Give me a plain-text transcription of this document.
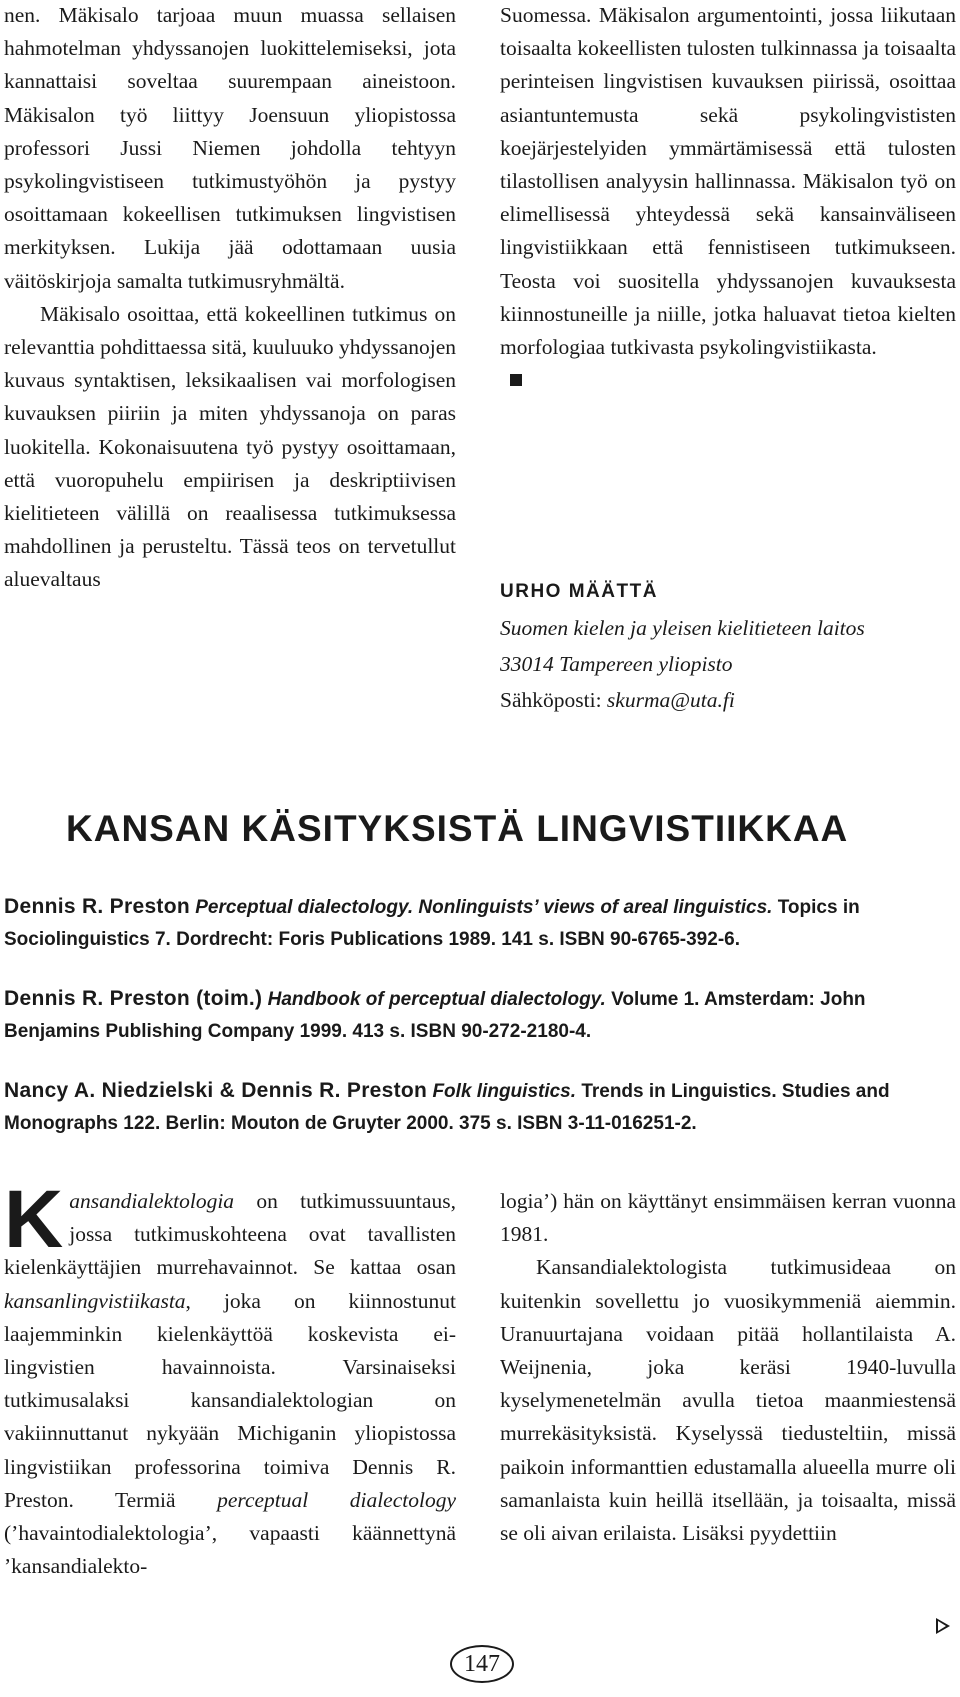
nen. Mäkisalo tarjoaa muun muassa sellaisen hahmotelman yhdyssanojen luokittelemiseksi, jota kannattaisi soveltaa suurempaan aineistoon. Mäkisalon työ liittyy Joensuun yliopistossa professori Jussi Niemen johdolla tehtyyn psykolingvistiseen tutkimustyöhön ja pystyy osoittamaan kokeellisen tutkimuksen lingvistisen merkityksen. Lukija jää odottamaan uusia väitöskirjoja samalta tutkimusryhmältä.

Mäkisalo osoittaa, että kokeellinen tutkimus on relevanttia pohdittaessa sitä, kuuluuko yhdyssanojen kuvaus syntaktisen, leksikaalisen vai morfologisen kuvauksen piiriin ja miten yhdyssanoja on paras luokitella. Kokonaisuutena työ pystyy osoittamaan, että vuoropuhelu empiirisen ja deskriptiivisen kielitieteen välillä on reaalisessa tutkimuksessa mahdollinen ja perusteltu. Tässä teos on tervetullut aluevaltaus

Suomessa. Mäkisalon argumentointi, jossa liikutaan toisaalta kokeellisten tulosten tulkinnassa ja toisaalta perinteisen lingvistisen kuvauksen piirissä, osoittaa asiantuntemusta sekä psykolingvististen koejärjestelyiden ymmärtämisessä että tulosten tilastollisen analyysin hallinnassa. Mäkisalon työ on elimellisessä yhteydessä sekä kansainväliseen lingvistiikkaan että fennistiseen tutkimukseen. Teosta voi suositella yhdyssanojen kuvauksesta kiinnostuneille ja niille, jotka haluavat tietoa kielten morfologiaa tutkivasta psykolingvistiikasta.

URHO MÄÄTTÄ
Suomen kielen ja yleisen kielitieteen laitos
33014 Tampereen yliopisto
Sähköposti: skurma@uta.fi
KANSAN KÄSITYKSISTÄ LINGVISTIIKKAA
Dennis R. Preston Perceptual dialectology. Nonlinguists’ views of areal linguistics. Topics in Sociolinguistics 7. Dordrecht: Foris Publications 1989. 141 s. ISBN 90-6765-392-6.
Dennis R. Preston (toim.) Handbook of perceptual dialectology. Volume 1. Amsterdam: John Benjamins Publishing Company 1999. 413 s. ISBN 90-272-2180-4.
Nancy A. Niedzielski & Dennis R. Preston Folk linguistics. Trends in Linguistics. Studies and Monographs 122. Berlin: Mouton de Gruyter 2000. 375 s. ISBN 3-11-016251-2.

Kansandialektologia on tutkimussuuntaus, jossa tutkimuskohteena ovat tavallisten kielenkäyttäjien murrehavainnot. Se kattaa osan kansanlingvistiikasta, joka on kiinnostunut laajemminkin kielenkäyttöä koskevista ei-lingvistien havainnoista. Varsinaiseksi tutkimusalaksi kansandialektologian on vakiinnuttanut nykyään Michiganin yliopistossa lingvistiikan professorina toimiva Dennis R. Preston. Termiä perceptual dialectology (’havaintodialektologia’, vapaasti käännettynä ’kansandialekto-

logia’) hän on käyttänyt ensimmäisen kerran vuonna 1981.

Kansandialektologista tutkimusideaa on kuitenkin sovellettu jo vuosikymmeniä aiemmin. Uranuurtajana voidaan pitää hollantilaista A. Weijnenia, joka keräsi 1940-luvulla kyselymenetelmän avulla tietoa maanmiestensä murrekäsityksistä. Kyselyssä tiedusteltiin, missä paikoin informanttien edustamalla alueella murre oli samanlaista kuin heillä itsellään, ja toisaalta, missä se oli aivan erilaista. Lisäksi pyydettiin

147
